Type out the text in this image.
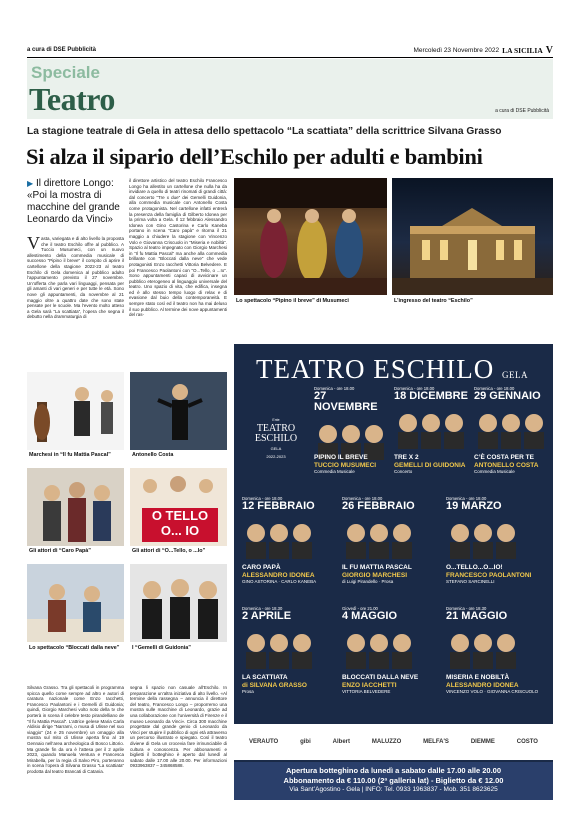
a cura di DSE Pubblicità	Mercoledì 23 Novembre 2022 LA SICILIA V
Speciale
Teatro	a cura di DSE Pubblicità
La stagione teatrale di Gela in attesa dello spettacolo “La scattiata” della scrittrice Silvana Grasso
Si alza il sipario dell’Eschilo per adulti e bambini
▶ Il direttore Longo: «Poi la mostra di macchine del grande Leonardo da Vinci»
V asta, variegata e di alto livello la proposta che il teatro Eschilo offre al pubblico. A Tuccio Musumeci, con un nuovo allestimento della commedia musicale di successo “Pipino il breve” il compito di aprire il cartellone della stagione 2022-23 al teatro Eschilo di Gela domenica al pubblico adulto l’appuntamento previsto il 27 novembre. Un’offerta che parla vari linguaggi, pensata per gli amanti di vari generi e per tutte le età. Sono nove gli appuntamenti, da novembre al 21 maggio oltre a quattro date che sono state pensate per le scuole. Ma l’evento molto atteso a Gela sarà “La scattiata”, l’opera che segna il debutto nella drammaturgia di
il direttore artistico del teatro Eschilo Francesco Longo ha allestito un cartellone che nulla ha da invidiare a quello di teatri rinomati di grandi città: dal concerto “Tre x due” dei Gemelli Guidonia, alla commedia musicale con Antonello Costa come protagonista. Nel cartellone infatti entrerà la presenza della famiglia di Gilberto Idonea per la prima volta a Gela. Il 12 febbraio Alessandro Idonea con Gino Castorina e Carlo Kaneba portano in scena “Caro papà” e ritorna il 21 maggio a chiudere la stagione con Vincenzo Volo e Giovanna Criscuolo in “Miseria e nobiltà”. Spazio al teatro impegnato con Giorgio Marchesi in “Il fu Mattia Pascal” ma anche alla commedia brillante con “Bloccati dalla neve” che vede protagonisti Enzo Iacchetti Vittoria Belvedere. E poi Francesco Paolantoni con “O...Tello, o ...Io”. Sono appuntamenti capaci di avvicinare un pubblico eterogeneo al linguaggio universale del teatro. Uno spazio di vita, che edifica, insegna ed è allo stesso tempo luogo di relax e di evasione dal buio della contemporaneità. E sempre stato così ed il teatro non ha mai deluso il suo pubblico. Al termine dei nove appuntamenti del ras-
Lo spettacolo “Pipino il breve” di Musumeci	L’ingresso del teatro “Eschilo”
Marchesi in “Il fu Mattia Pascal”	Antonello Costa
Gli attori di “Caro Papà”
O TELLO
O... IO
Gli attori di “O...Tello, o ...Io”
Lo spettacolo “Bloccati dalla neve” I “Gemelli di Guidonia”
Silvana Grasso. Tra gli spettacoli in programma spicca quello come sempre ad altro e autori di caratura nazionale come Enzo Iacchetti, Francesco Paolantoni e i Gemelli di Guidonia; quindi, Giorgio Marchesi volto noto della tv che porterà in scena il celebre testo pirandelliano de “Il fu Mattia Pascal”. L’attrice gelese Maria Carla Aldisio dirige “Narrami, o musa di Ulisse nel suo viaggio” (24 e 25 novembre) un omaggio alla mostra sul mito di Ulisse aperta fino al 19 Gennaio nell’area archeologica di Bosco Littorio. Ma grande fin da ora è l’attesa per il 2 aprile 2023, quando Manuela Ventura e Francesca Mirabella, per la regia di Salvo Piro, porteranno in scena l’opera di Silvana Grasso “La scattiata” prodotta dal teatro Brancati di Catania.
segna li spazio non casuale all’Eschilo. In preparazione un’altra iniziativa di alto livello. «Al termine della rassegna – annuncia il direttore del teatro, Francesco Longo – proporremo una mostra sulle macchine di Leonardo, grazie ad una collaborazione con l’università di Firenze e il museo Leonardo da Vinci». Circa 300 macchine progettate dal grande genio di Leonardo da Vinci per stupire il pubblico di ogni età attraverso un percorso illustrato e spiegato. Così il teatro diviene di Gela un crocevia fare irrinunciabile di cultura e conoscenza. Per abbonamenti e biglietti il botteghino è aperto dal lunedì al sabato dalle 17.00 alle 20.00. Per informazioni 0933963837 – 345868588.
TEATRO ESCHILO GELA
Ente
TEATRO ESCHILO
GELA
2022-2023
Domenica - ore 18.00
27 NOVEMBRE
PIPINO IL BREVE
TUCCIO MUSUMECI
Commedia Musicale
Domenica - ore 18.00
18 DICEMBRE
TRE X 2
GEMELLI DI GUIDONIA
Concerto
Domenica - ore 18.00
29 GENNAIO
C’È COSTA PER TE
ANTONELLO COSTA
Commedia Musicale
Domenica - ore 18.00
12 FEBBRAIO
CARO PAPÀ
ALESSANDRO IDONEA
GINO ASTORINA · CARLO KANEBA
Domenica - ore 18.00
26 FEBBRAIO
IL FU MATTIA PASCAL
GIORGIO MARCHESI
di Luigi Pirandello · Prosa
Domenica - ore 18.00
19 MARZO
O...TELLO...O...IO!
FRANCESCO PAOLANTONI
STEFANO SARCINELLI
Domenica - ore 18.30
2 APRILE
LA SCATTIATA
di SILVANA GRASSO
Prosa
Giovedì - ore 21.00
4 MAGGIO
BLOCCATI DALLA NEVE
ENZO IACCHETTI
VITTORIA BELVEDERE
Domenica - ore 18.30
21 MAGGIO
MISERIA E NOBILTÀ
ALESSANDRO IDONEA
VINCENZO VOLO · GIOVANNA CRISCUOLO
VERAUTO	gibi	Albert	MALUZZO	MELFA'S	DIEMME	COSTO
Apertura botteghino da lunedì a sabato dalle 17.00 alle 20.00
Abbonamento da € 110.00 (2ª galleria lat) - Biglietto da € 12.00
Via Sant’Agostino - Gela | INFO: Tel. 0933 1963837 - Mob. 351 8623625
